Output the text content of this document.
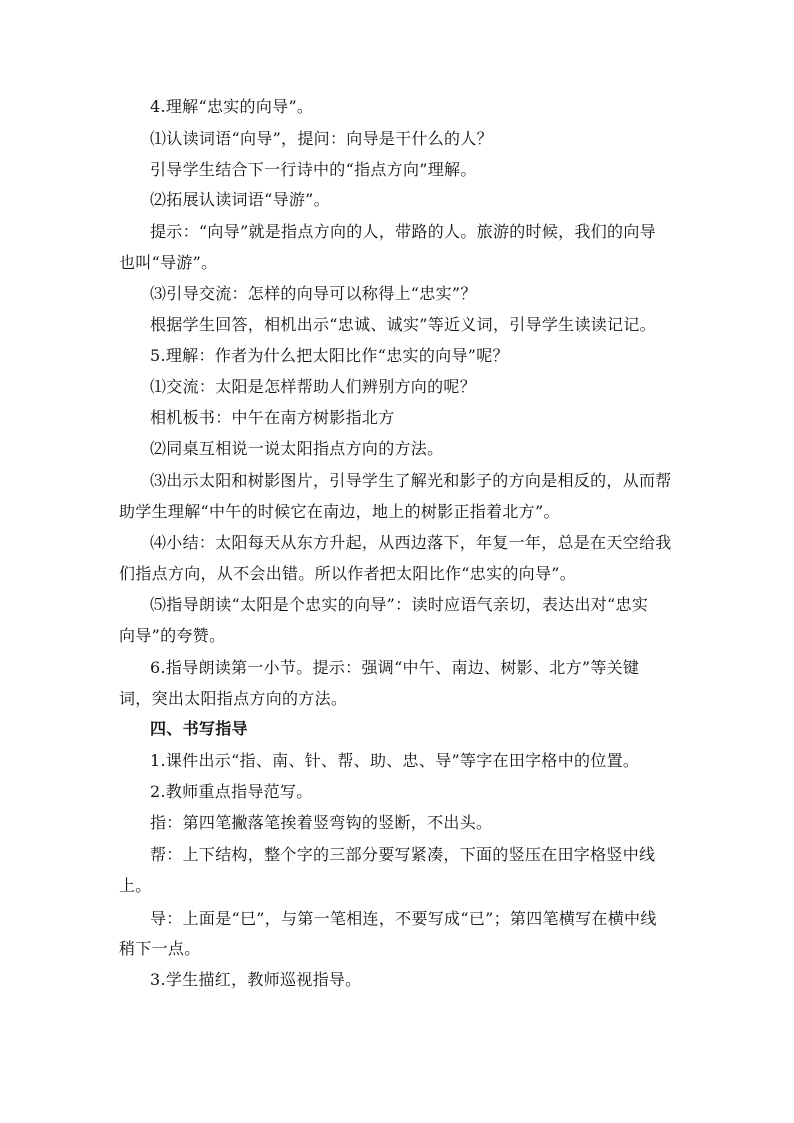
4.理解“忠实的向导”。
⑴认读词语“向导”，提问：向导是干什么的人？
引导学生结合下一行诗中的“指点方向”理解。
⑵拓展认读词语“导游”。
提示：“向导”就是指点方向的人，带路的人。旅游的时候，我们的向导
也叫“导游”。
⑶引导交流：怎样的向导可以称得上“忠实”？
根据学生回答，相机出示“忠诚、诚实”等近义词，引导学生读读记记。
5.理解：作者为什么把太阳比作“忠实的向导”呢？
⑴交流：太阳是怎样帮助人们辨别方向的呢？
相机板书：中午在南方树影指北方
⑵同桌互相说一说太阳指点方向的方法。
⑶出示太阳和树影图片，引导学生了解光和影子的方向是相反的，从而帮
助学生理解“中午的时候它在南边，地上的树影正指着北方”。
⑷小结：太阳每天从东方升起，从西边落下，年复一年，总是在天空给我
们指点方向，从不会出错。所以作者把太阳比作“忠实的向导”。
⑸指导朗读“太阳是个忠实的向导”：读时应语气亲切，表达出对“忠实
向导”的夸赞。
6.指导朗读第一小节。提示：强调“中午、南边、树影、北方”等关键
词，突出太阳指点方向的方法。
四、书写指导
1.课件出示“指、南、针、帮、助、忠、导”等字在田字格中的位置。
2.教师重点指导范写。
指：第四笔撇落笔挨着竖弯钩的竖断，不出头。
帮：上下结构，整个字的三部分要写紧凑，下面的竖压在田字格竖中线
上。
导：上面是“巳”，与第一笔相连，不要写成“已”；第四笔横写在横中线
稍下一点。
3.学生描红，教师巡视指导。
